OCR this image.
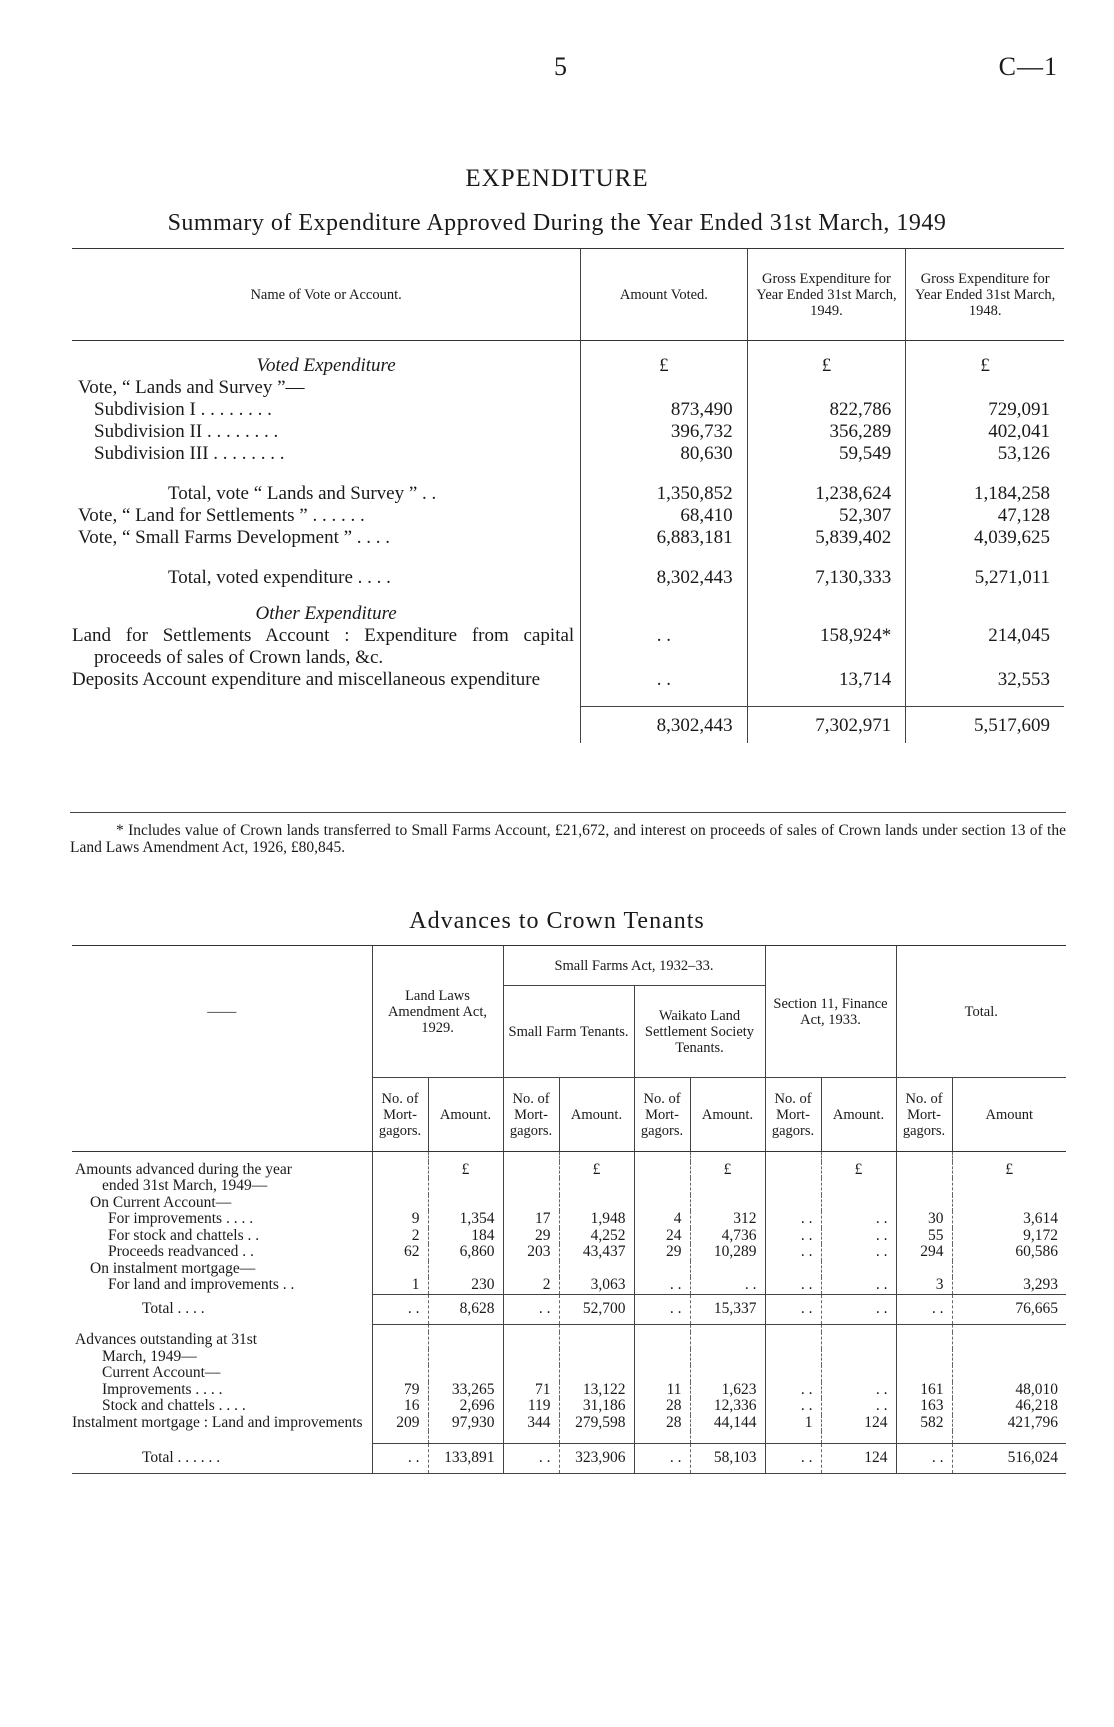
5	C—1
EXPENDITURE
Summary of Expenditure Approved During the Year Ended 31st March, 1949
Name of Vote or Account.	Amount Voted.	Gross Expenditure for Year Ended 31st March, 1949.	Gross Expenditure for Year Ended 31st March, 1948.

Voted Expenditure	£	£	£
Vote, “ Lands and Survey ”—			
Subdivision I . . . . . . . .	873,490	822,786	729,091
Subdivision II . . . . . . . .	396,732	356,289	402,041
Subdivision III . . . . . . . .	80,630	59,549	53,126

Total, vote “ Lands and Survey ” . .	1,350,852	1,238,624	1,184,258
Vote, “ Land for Settlements ” . . . . . .	68,410	52,307	47,128
Vote, “ Small Farms Development ” . . . .	6,883,181	5,839,402	4,039,625

Total, voted expenditure . . . .	8,302,443	7,130,333	5,271,011

Other Expenditure			
Land for Settlements Account : Expenditure from capital proceeds of sales of Crown lands, &c.	. .	158,924*	214,045
Deposits Account expenditure and miscellaneous expenditure	. .	13,714	32,553

	8,302,443	7,302,971	5,517,609
* Includes value of Crown lands transferred to Small Farms Account, £21,672, and interest on proceeds of sales of Crown lands under section 13 of the Land Laws Amendment Act, 1926, £80,845.
Advances to Crown Tenants
——	Land Laws Amendment Act, 1929.		Small Farms Act, 1932–33.				Section 11, Finance Act, 1933.		Total.	
			Small Farm Tenants.		Waikato Land Settlement Society Tenants.					
	No. of Mort- gagors.	Amount.	No. of Mort- gagors.	Amount.	No. of Mort- gagors.	Amount.	No. of Mort- gagors.	Amount.	No. of Mort- gagors.	Amount

Amounts advanced during the year		£		£		£		£		£
ended 31st March, 1949—										
On Current Account—										
For improvements . . . .	9	1,354	17	1,948	4	312	. .	. .	30	3,614
For stock and chattels . .	2	184	29	4,252	24	4,736	. .	. .	55	9,172
Proceeds readvanced . .	62	6,860	203	43,437	29	10,289	. .	. .	294	60,586
On instalment mortgage—										
For land and improvements . .	1	230	2	3,063	. .	. .	. .	. .	3	3,293
Total . . . .	. .	8,628	. .	52,700	. .	15,337	. .	. .	. .	76,665

Advances outstanding at 31st										
March, 1949—										
Current Account—										
Improvements . . . .	79	33,265	71	13,122	11	1,623	. .	. .	161	48,010
Stock and chattels . . . .	16	2,696	119	31,186	28	12,336	. .	. .	163	46,218
Instalment mortgage : Land and improvements	209	97,930	344	279,598	28	44,144	1	124	582	421,796

Total . . . . . .	. .	133,891	. .	323,906	. .	58,103	. .	124	. .	516,024
